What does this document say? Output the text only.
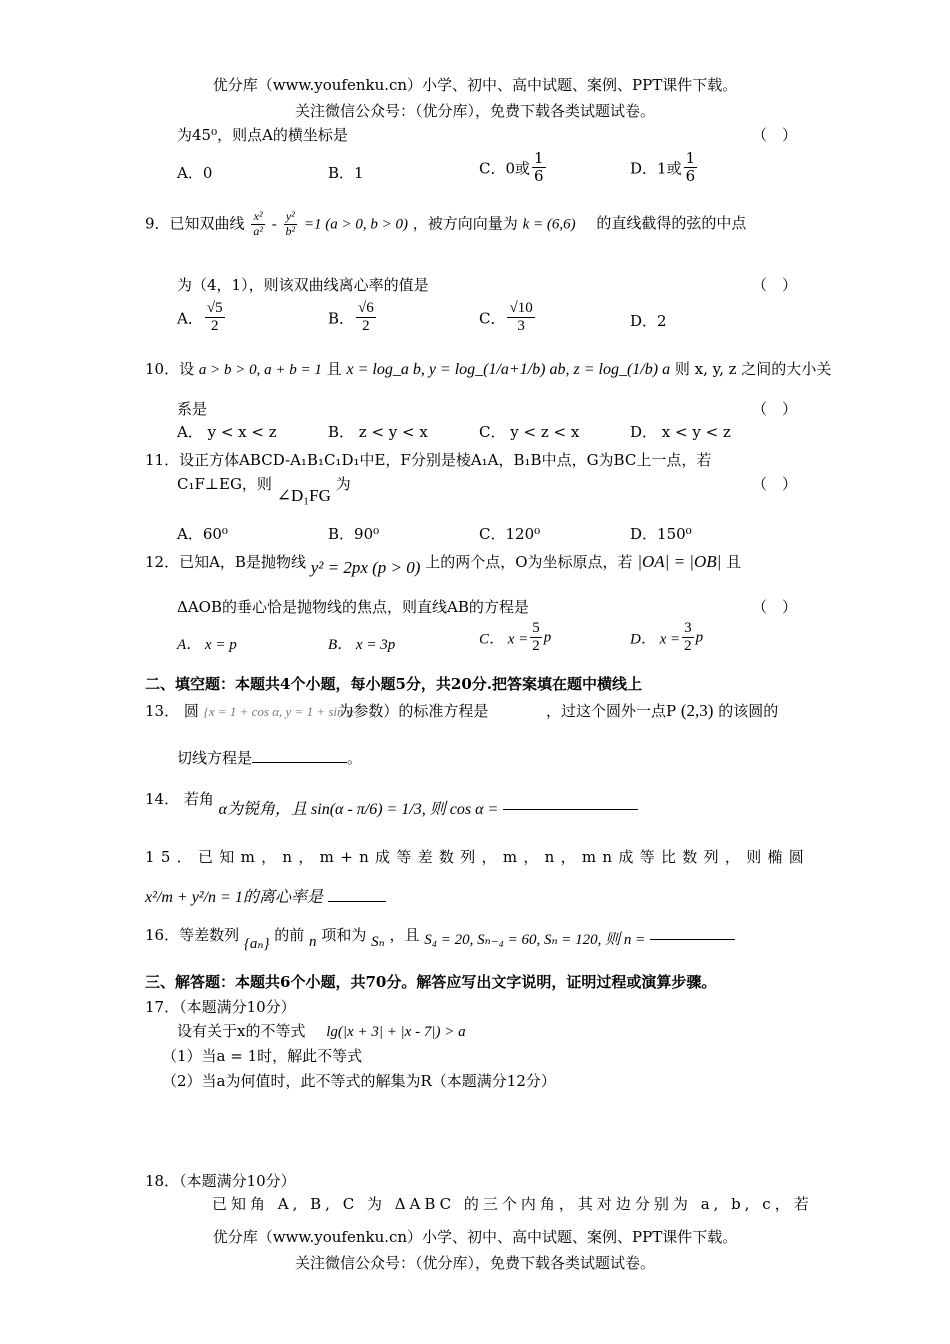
优分库（www.youfenku.cn）小学、初中、高中试题、案例、PPT课件下载。
关注微信公众号：（优分库），免费下载各类试题试卷。
为45⁰，则点A的横坐标是	（　）
A．0	B．1	C．0或 $\frac{1}{6}$	D．1或 $\frac{1}{6}$
9．已知双曲线 $\frac{\text{x²}}{\text{a²}} - \frac{\text{y²}}{\text{b²}} =1$ (a > 0, b > 0) ，被方向向量为 k = (6,6) 的直线截得的弦的中点
为（4，1），则该双曲线离心率的值是	（　）
A． $\frac{√5}{2}$	B． $\frac{√6}{2}$	C． $\frac{√10}{3}$	D．2
10．设 a > b > 0, a + b = 1 且 x = log_a b, y = log_(1/a+1/b) ab, z = log_(1/b) a 则 x, y, z 之间的大小关
系是	（　）
A． y < x < z	B． z < y < x	C． y < z < x	D． x < y < z
11．设正方体ABCD-A₁B₁C₁D₁中E，F分别是棱A₁A，B₁B中点，G为BC上一点，若
C₁F⊥EG，则 ∠D₁FG 为	（　）
A．60⁰	B．90⁰	C．120⁰	D．150⁰
12．已知A，B是抛物线 y² = 2px (p > 0) 上的两个点，O为坐标原点，若 |OA| = |OB| 且
ΔAOB的垂心恰是抛物线的焦点，则直线AB的方程是	（　）
A． x = p	B． x = 3p	C． $x = \frac{5}{2}$ p	D． $x = \frac{3}{2}$ p
二、填空题：本题共4个小题，每小题5分，共20分.把答案填在题中横线上
13． 圆 {x = 1 + cos α, y = 1 + sin α 为参数）的标准方程是	，过这个圆外一点P (2,3) 的该圆的
切线方程是	。
14． 若角 α为锐角，且 sin(α - π/6) = 1/3, 则 cos α =
15．已知m，n，m+n成等差数列，m，n，mn成等比数列，则椭圆
x²/m + y²/n = 1的离心率是
16．等差数列 {aₙ} 的前 n 项和为 Sₙ ，且 S₄ = 20, Sₙ₋₄ = 60, Sₙ = 120, 则 n =
三、解答题：本题共6个小题，共70分。解答应写出文字说明，证明过程或演算步骤。
17．（本题满分10分）
设有关于x的不等式 lg(|x + 3| + |x - 7|) > a
（1）当a = 1时，解此不等式
（2）当a为何值时，此不等式的解集为R（本题满分12分）
18．（本题满分10分）
已知角 A, B, C 为 ΔABC 的三个内角，其对边分别为 a, b, c，若
优分库（www.youfenku.cn）小学、初中、高中试题、案例、PPT课件下载。
关注微信公众号：（优分库），免费下载各类试题试卷。
